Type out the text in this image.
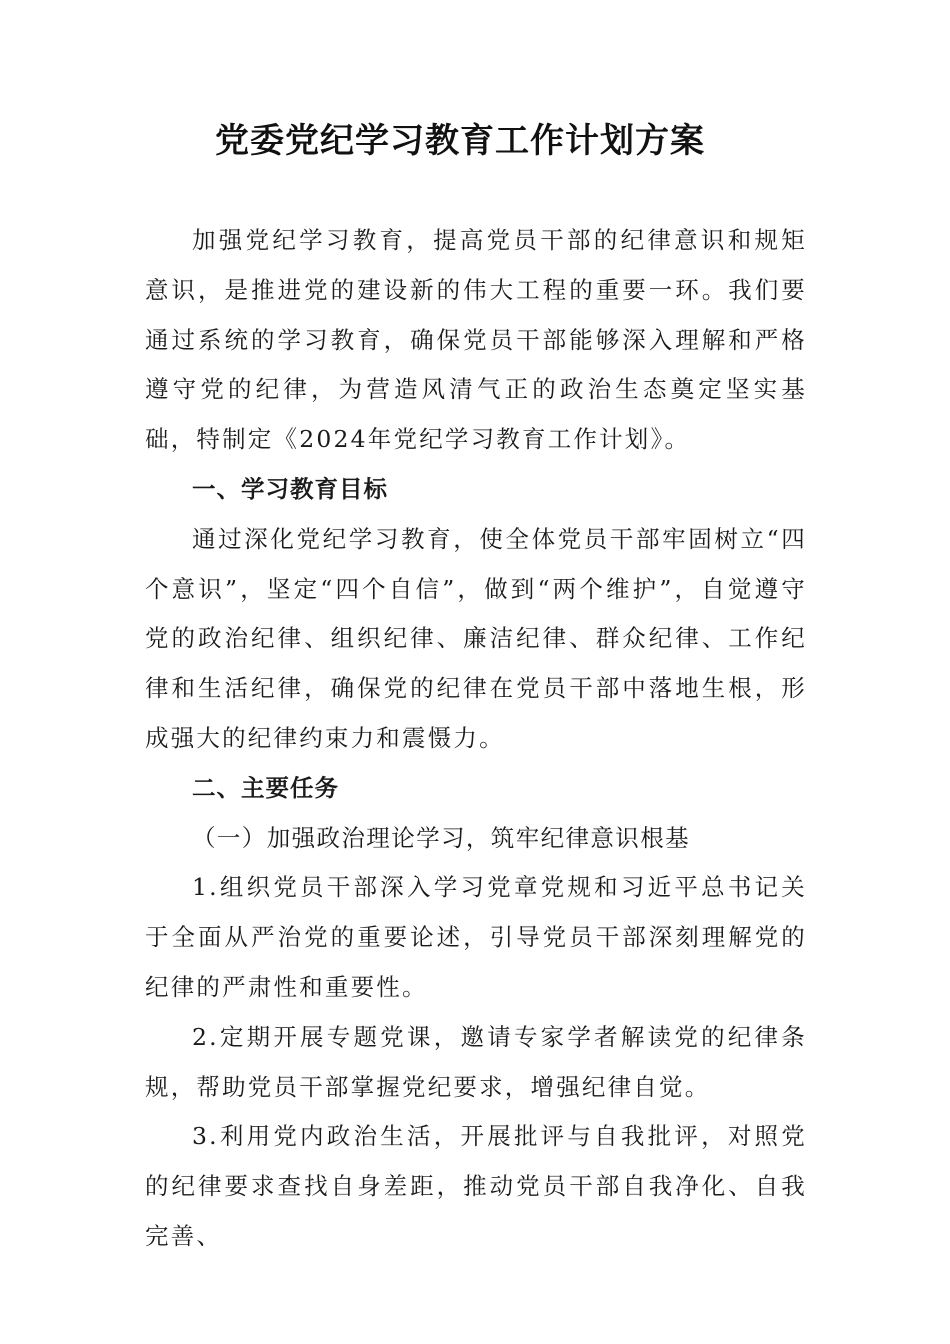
党委党纪学习教育工作计划方案

加强党纪学习教育，提高党员干部的纪律意识和规矩意识，是推进党的建设新的伟大工程的重要一环。我们要通过系统的学习教育，确保党员干部能够深入理解和严格遵守党的纪律，为营造风清气正的政治生态奠定坚实基础，特制定《2024年党纪学习教育工作计划》。

一、学习教育目标

通过深化党纪学习教育，使全体党员干部牢固树立“四个意识”，坚定“四个自信”，做到“两个维护”，自觉遵守党的政治纪律、组织纪律、廉洁纪律、群众纪律、工作纪律和生活纪律，确保党的纪律在党员干部中落地生根，形成强大的纪律约束力和震慑力。

二、主要任务

（一）加强政治理论学习，筑牢纪律意识根基

1.组织党员干部深入学习党章党规和习近平总书记关于全面从严治党的重要论述，引导党员干部深刻理解党的纪律的严肃性和重要性。

2.定期开展专题党课，邀请专家学者解读党的纪律条规，帮助党员干部掌握党纪要求，增强纪律自觉。

3.利用党内政治生活，开展批评与自我批评，对照党的纪律要求查找自身差距，推动党员干部自我净化、自我完善、
